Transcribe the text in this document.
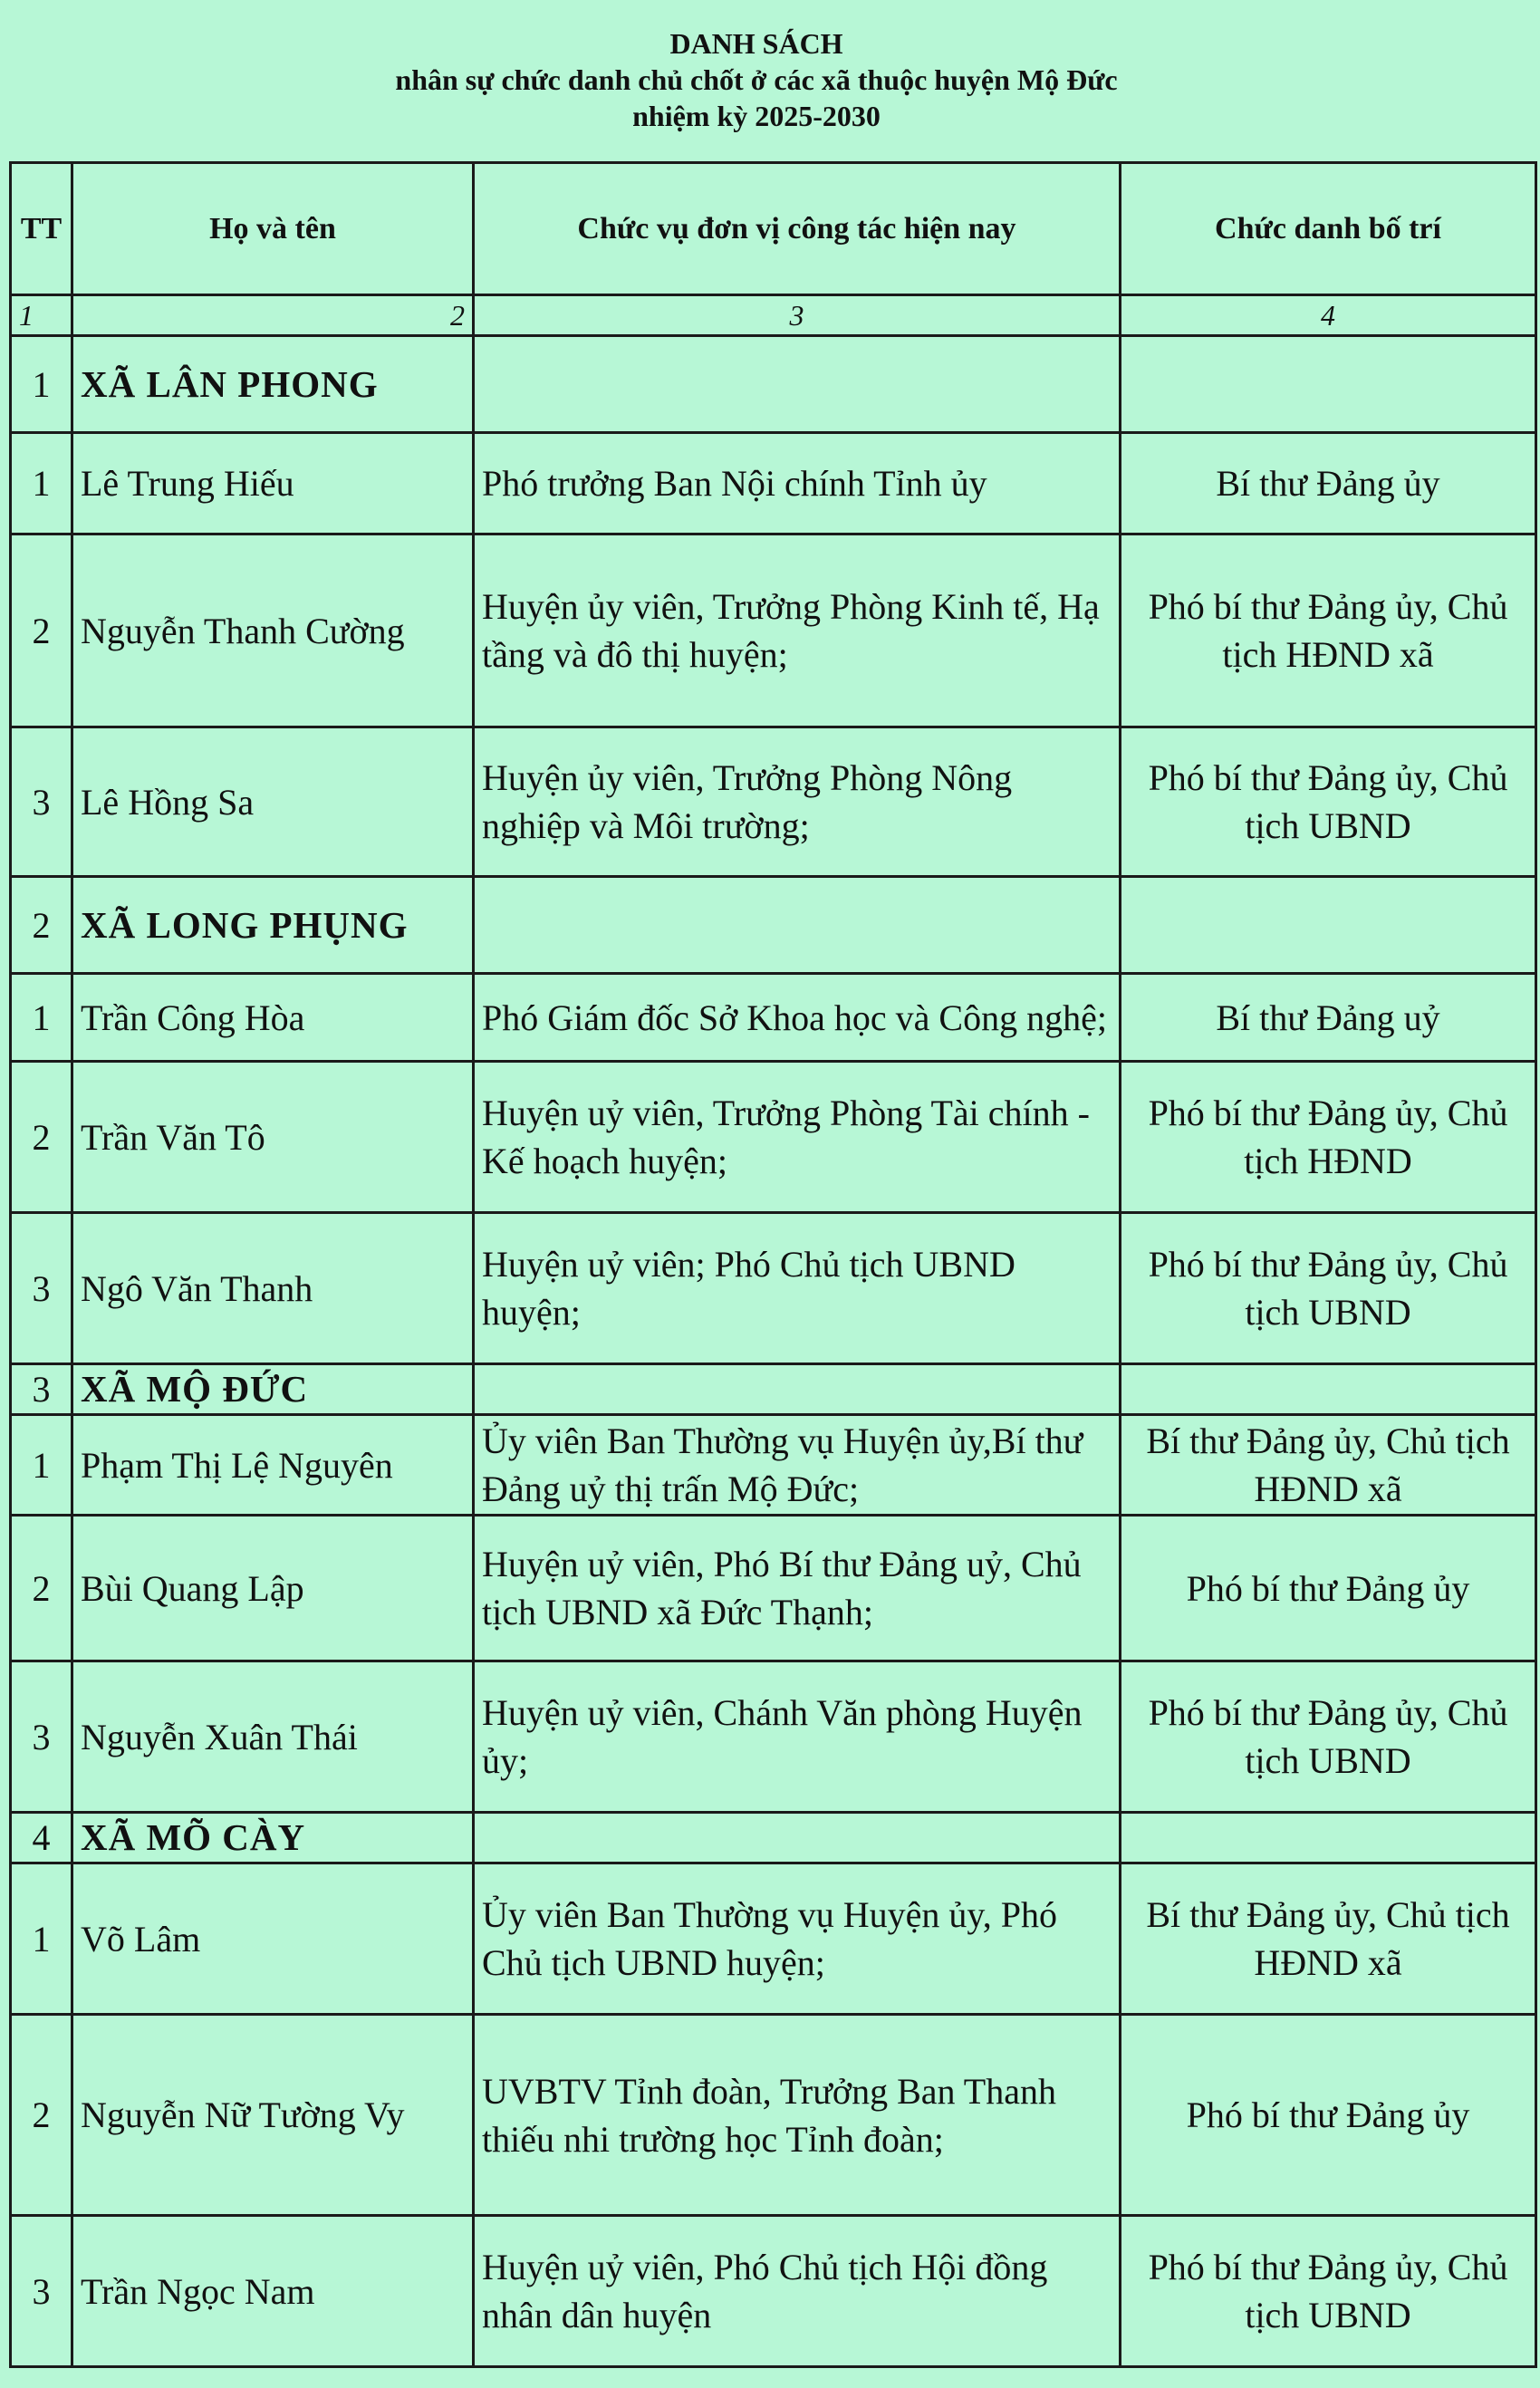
DANH SÁCH
nhân sự chức danh chủ chốt ở các xã thuộc huyện Mộ Đức
nhiệm kỳ 2025-2030
TT	Họ và tên	Chức vụ đơn vị công tác hiện nay	Chức danh bố trí
1	2	3	4
1	XÃ LÂN PHONG		
1	Lê Trung Hiếu	Phó trưởng Ban Nội chính Tỉnh ủy	Bí thư Đảng ủy
2	Nguyễn Thanh Cường	Huyện ủy viên, Trưởng Phòng Kinh tế, Hạ tầng và đô thị huyện;	Phó bí thư Đảng ủy, Chủ tịch HĐND xã
3	Lê Hồng Sa	Huyện ủy viên, Trưởng Phòng Nông nghiệp và Môi trường;	Phó bí thư Đảng ủy, Chủ tịch UBND
2	XÃ LONG PHỤNG		
1	Trần Công Hòa	Phó Giám đốc Sở Khoa học và Công nghệ;	Bí thư Đảng uỷ
2	Trần Văn Tô	Huyện uỷ viên, Trưởng Phòng Tài chính - Kế hoạch huyện;	Phó bí thư Đảng ủy, Chủ tịch HĐND
3	Ngô Văn Thanh	Huyện uỷ viên; Phó Chủ tịch UBND huyện;	Phó bí thư Đảng ủy, Chủ tịch UBND
3	XÃ MỘ ĐỨC		
1	Phạm Thị Lệ Nguyên	Ủy viên Ban Thường vụ Huyện ủy,Bí thư Đảng uỷ thị trấn Mộ Đức;	Bí thư Đảng ủy, Chủ tịch HĐND xã
2	Bùi Quang Lập	Huyện uỷ viên, Phó Bí thư Đảng uỷ, Chủ tịch UBND xã Đức Thạnh;	Phó bí thư Đảng ủy
3	Nguyễn Xuân Thái	Huyện uỷ viên, Chánh Văn phòng Huyện ủy;	Phó bí thư Đảng ủy, Chủ tịch UBND
4	XÃ MÕ CÀY		
1	Võ Lâm	Ủy viên Ban Thường vụ Huyện ủy, Phó Chủ tịch UBND huyện;	Bí thư Đảng ủy, Chủ tịch HĐND xã
2	Nguyễn Nữ Tường Vy	UVBTV Tỉnh đoàn, Trưởng Ban Thanh thiếu nhi trường học Tỉnh đoàn;	Phó bí thư Đảng ủy
3	Trần Ngọc Nam	Huyện uỷ viên, Phó Chủ tịch Hội đồng nhân dân huyện	Phó bí thư Đảng ủy, Chủ tịch UBND
